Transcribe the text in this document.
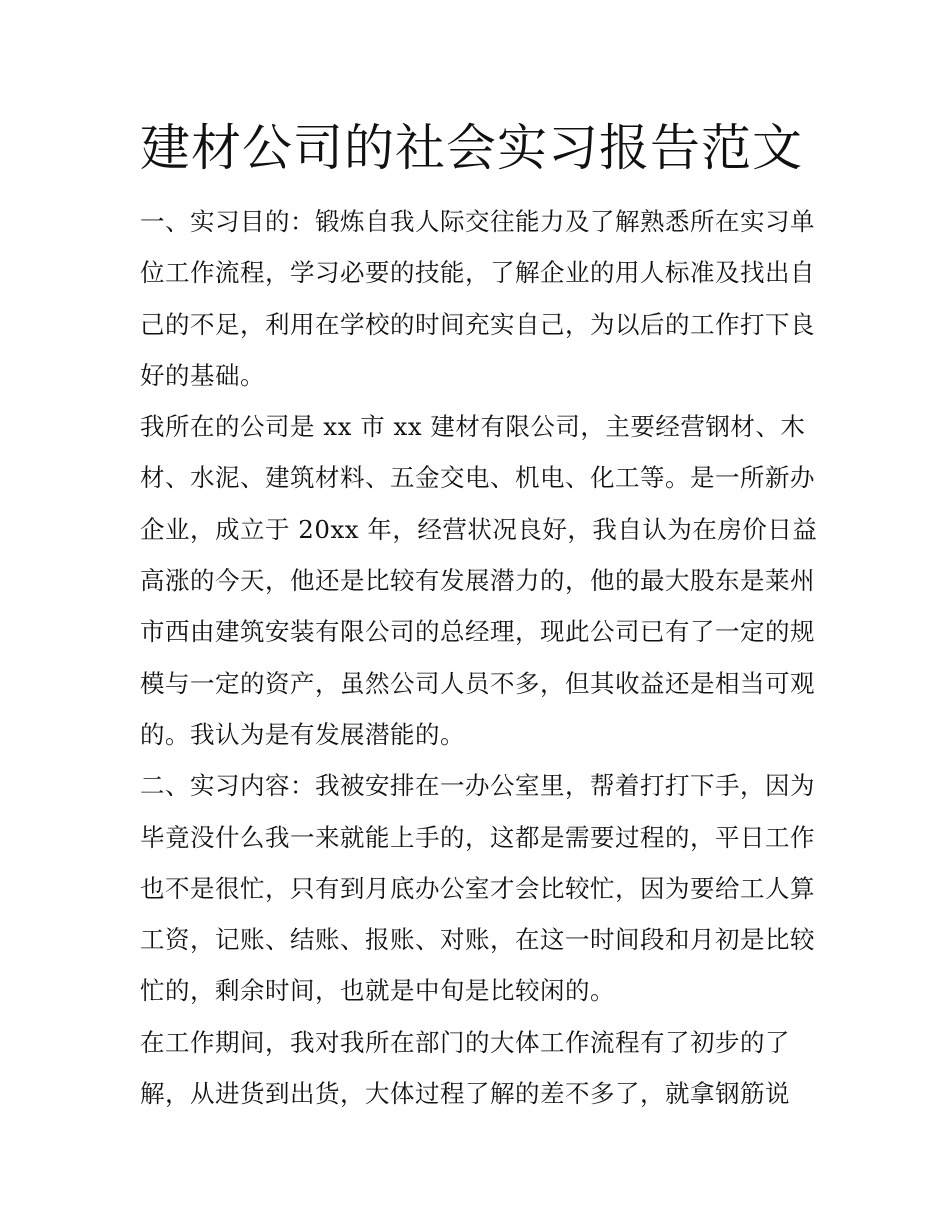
建材公司的社会实习报告范文
一、实习目的：锻炼自我人际交往能力及了解熟悉所在实习单
位工作流程，学习必要的技能，了解企业的用人标准及找出自
己的不足，利用在学校的时间充实自己，为以后的工作打下良
好的基础。
我所在的公司是 xx 市 xx 建材有限公司，主要经营钢材、木
材、水泥、建筑材料、五金交电、机电、化工等。是一所新办
企业，成立于 20xx 年，经营状况良好，我自认为在房价日益
高涨的今天，他还是比较有发展潜力的，他的最大股东是莱州
市西由建筑安装有限公司的总经理，现此公司已有了一定的规
模与一定的资产，虽然公司人员不多，但其收益还是相当可观
的。我认为是有发展潜能的。
二、实习内容：我被安排在一办公室里，帮着打打下手，因为
毕竟没什么我一来就能上手的，这都是需要过程的，平日工作
也不是很忙，只有到月底办公室才会比较忙，因为要给工人算
工资，记账、结账、报账、对账，在这一时间段和月初是比较
忙的，剩余时间，也就是中旬是比较闲的。
在工作期间，我对我所在部门的大体工作流程有了初步的了
解，从进货到出货，大体过程了解的差不多了，就拿钢筋说
